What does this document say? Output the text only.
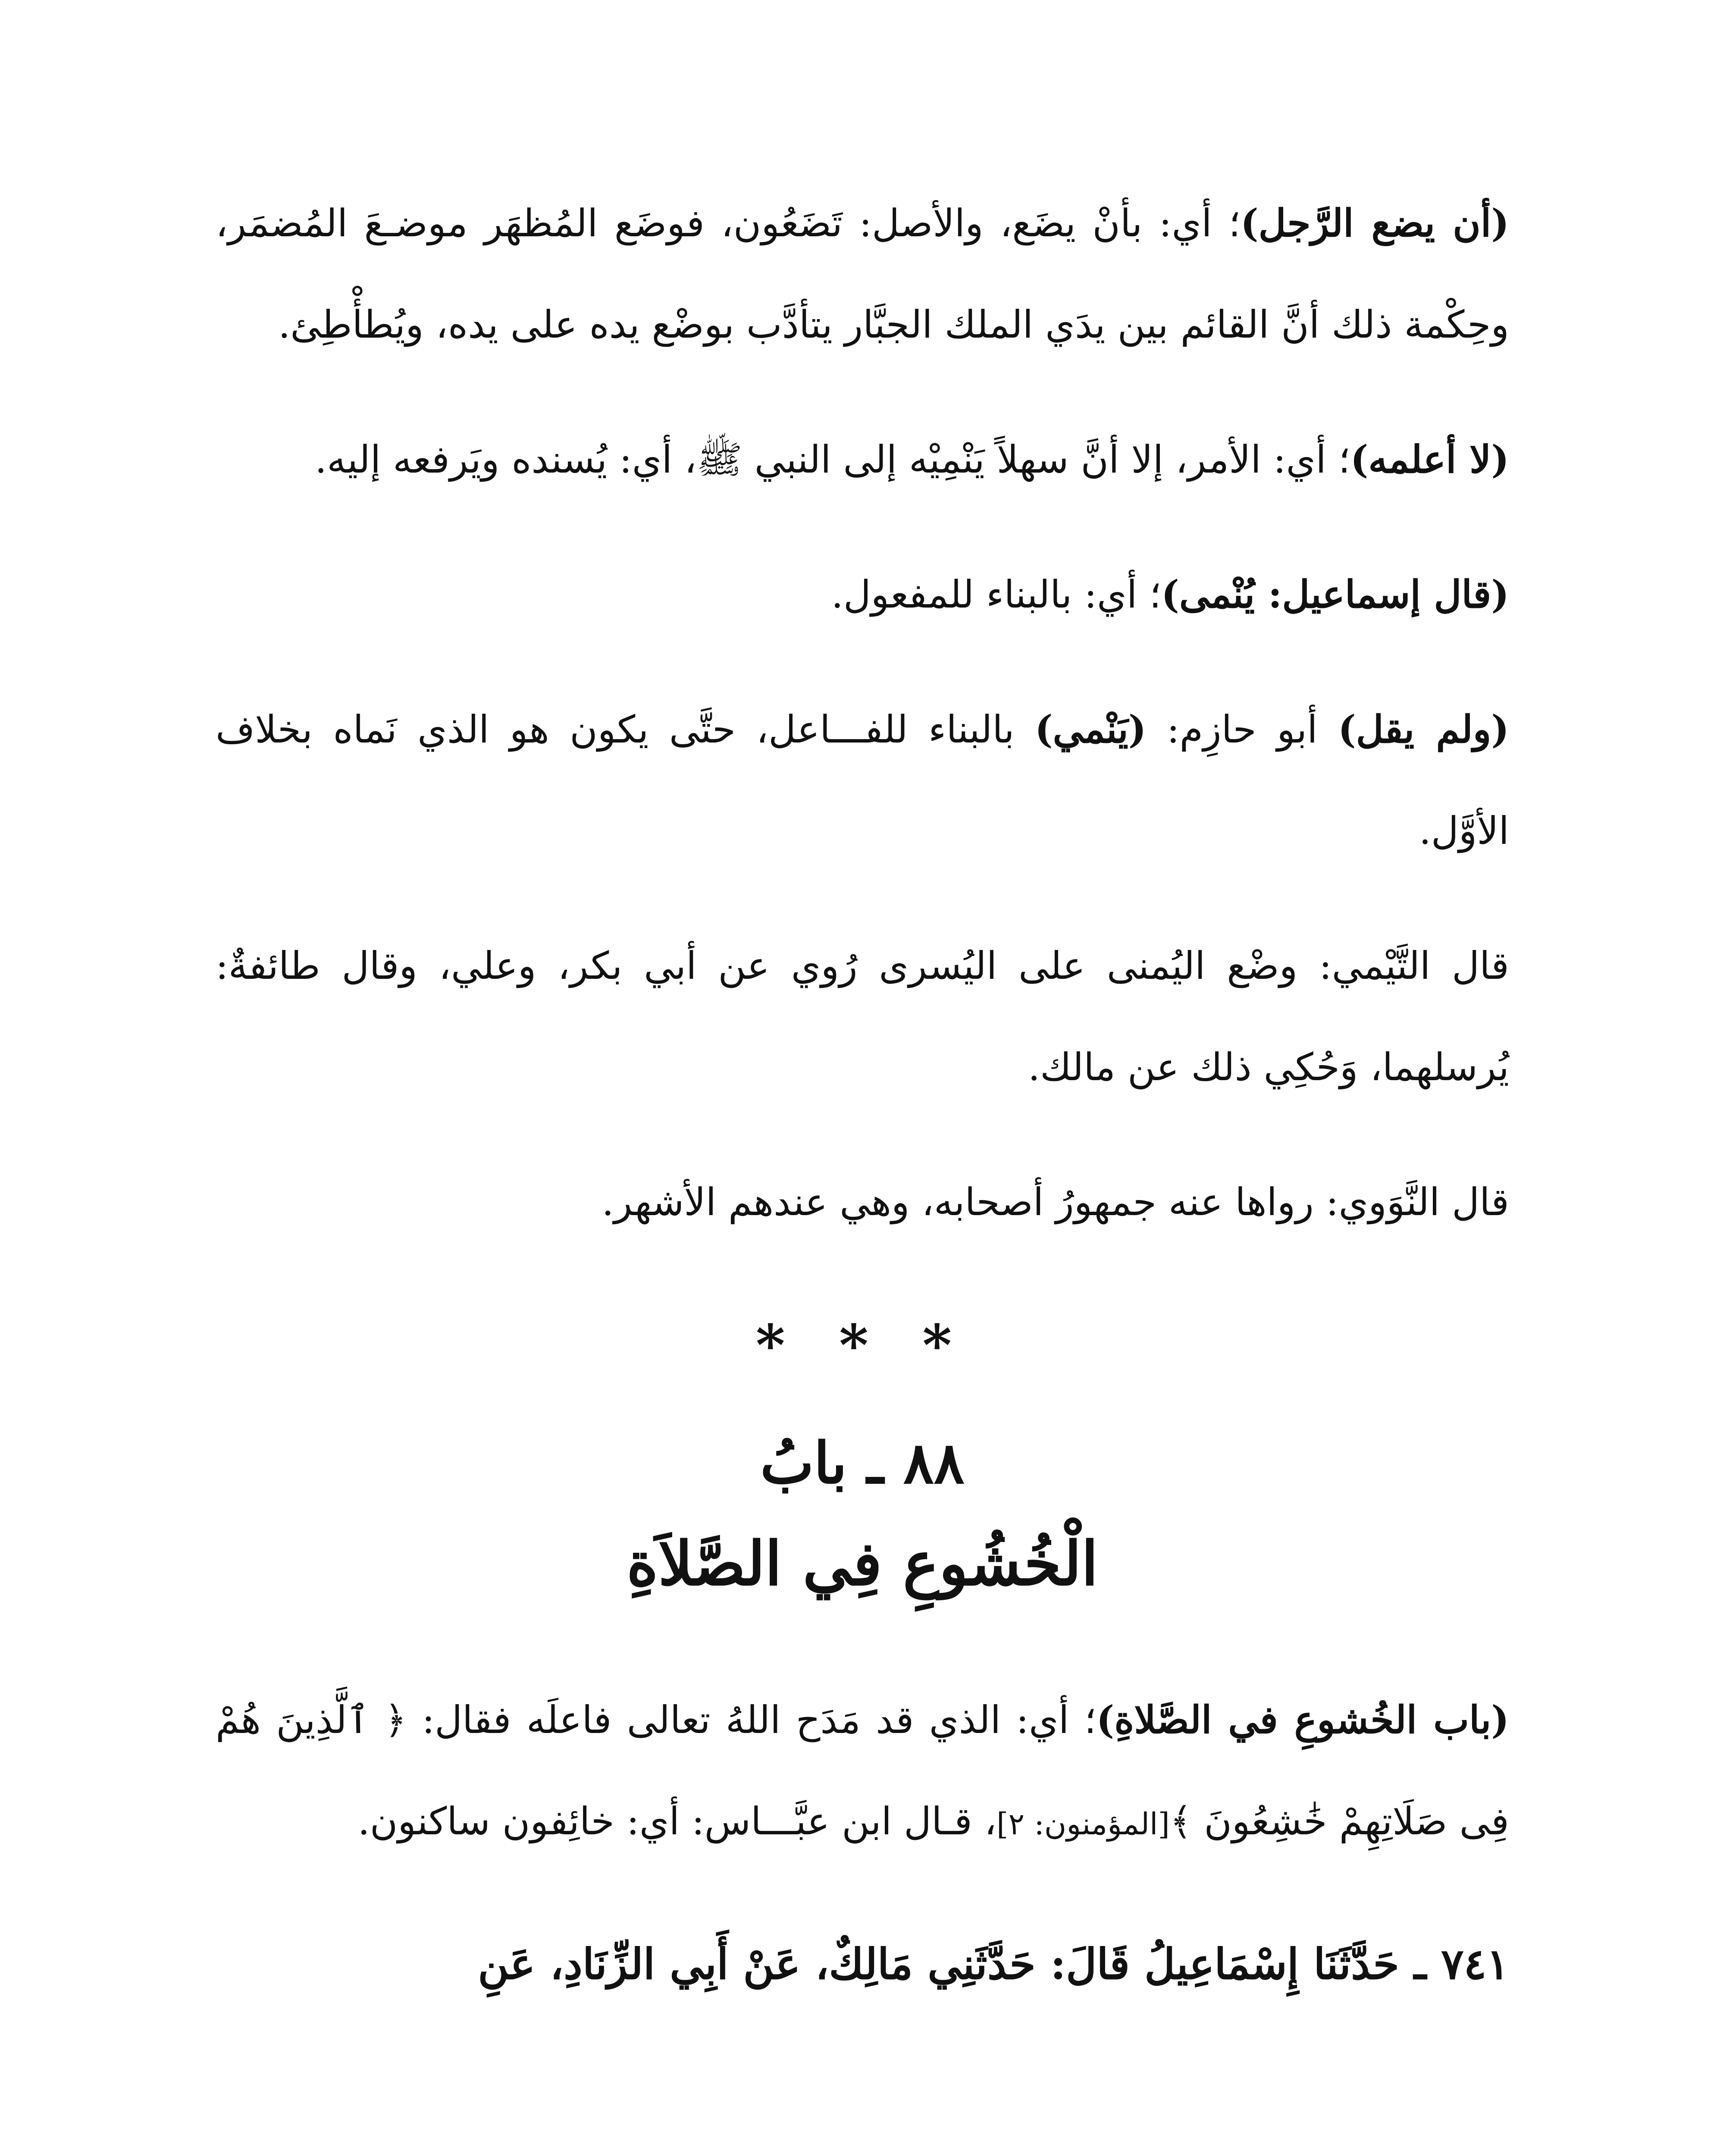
(أن يضع الرَّجل)؛ أي: بأنْ يضَع، والأصل: تَضَعُون، فوضَع المُظهَر موضـعَ المُضمَر، وحِكْمة ذلك أنَّ القائم بين يدَي الملك الجبَّار يتأدَّب بوضْع يده على يده، ويُطأْطِئ.

(لا أعلمه)؛ أي: الأمر، إلا أنَّ سهلاً يَنْمِيْه إلى النبي ﷺ، أي: يُسنده ويَرفعه إليه.

(قال إسماعيل: يُنْمى)؛ أي: بالبناء للمفعول.

(ولم يقل) أبو حازِم: (يَنْمي) بالبناء للفـــاعل، حتَّى يكون هو الذي نَماه بخلاف الأوَّل.

قال التَّيْمي: وضْع اليُمنى على اليُسرى رُوي عن أبي بكر، وعلي، وقال طائفةٌ: يُرسلهما، وَحُكِي ذلك عن مالك.

قال النَّوَوي: رواها عنه جمهورُ أصحابه، وهي عندهم الأشهر.

* * *
٨٨ ـ بابُ
الْخُشُوعِ فِي الصَّلاَةِ

(باب الخُشوعِ في الصَّلاةِ)؛ أي: الذي قد مَدَح اللهُ تعالى فاعلَه فقال: ﴿ ٱلَّذِينَ هُمْ فِى صَلَاتِهِمْ خَٰشِعُونَ ﴾[المؤمنون: ٢]، قـال ابن عبَّـــاس: أي: خائِفون ساكنون.

٧٤١ ـ حَدَّثَنَا إِسْمَاعِيلُ قَالَ: حَدَّثَنِي مَالِكٌ، عَنْ أَبِي الزِّنَادِ، عَنِ
